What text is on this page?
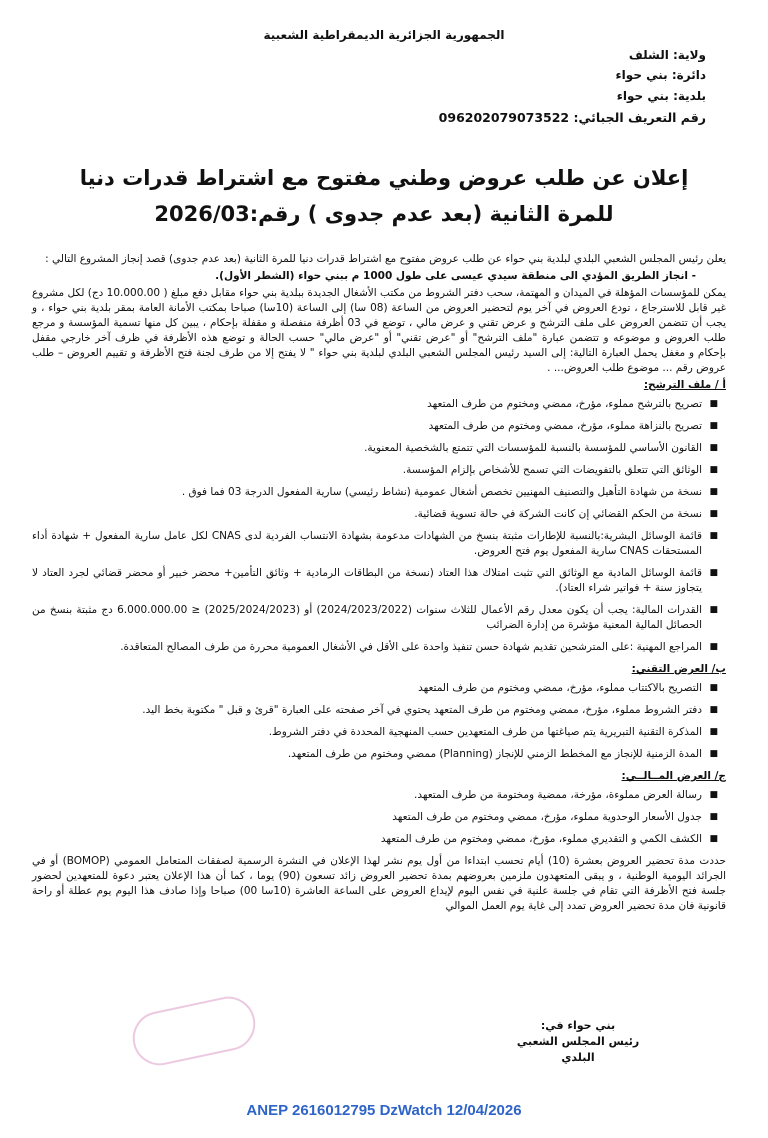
الجمهورية الجزائرية الديمقراطية الشعبية
ولاية: الشلف
دائرة: بني حواء
بلدية: بني حواء
رقم التعريف الجبائي: 096202079073522
إعلان عن طلب عروض وطني مفتوح مع اشتراط قدرات دنيا
للمرة الثانية (بعد عدم جدوى ) رقم:2026/03

يعلن رئيس المجلس الشعبي البلدي لبلدية بني حواء عن طلب عروض مفتوح مع اشتراط قدرات دنيا للمرة الثانية (بعد عدم جدوى) قصد إنجاز المشروع التالي :

- انجاز الطريق المؤدي الى منطقة سيدي عيسى على طول 1000 م ببني حواء (الشطر الأول).

يمكن للمؤسسات المؤهلة في الميدان و المهتمة، سحب دفتر الشروط من مكتب الأشغال الجديدة ببلدية بني حواء مقابل دفع مبلغ ( 10.000.00 دج) لكل مشروع غير قابل للاسترجاع ، تودع العروض في آخر يوم لتحضير العروض من الساعة (08 سا) إلى الساعة (10سا) صباحا بمكتب الأمانة العامة بمقر بلدية بني حواء ، و يجب أن تتضمن العروض على ملف الترشح و عرض تقني و عرض مالي ، توضع في 03 أظرفة منفصلة و مقفلة بإحكام ، يبين كل منها تسمية المؤسسة و مرجع طلب العروض و موضوعه و تتضمن عبارة "ملف الترشح" أو "عرض تقني" أو "عرض مالي" حسب الحالة و توضع هذه الأظرفة في ظرف آخر خارجي مقفل بإحكام و مغفل يحمل العبارة التالية: إلى السيد رئيس المجلس الشعبي البلدي لبلدية بني حواء " لا يفتح إلا من طرف لجنة فتح الأظرفة و تقييم العروض – طلب عروض رقم ... موضوع طلب العروض... .

أ / ملف الترشح:
■
تصريح بالترشح مملوء، مؤرخ، ممضي ومختوم من طرف المتعهد
■
تصريح بالنزاهة مملوء، مؤرخ، ممضي ومختوم من طرف المتعهد
■
القانون الأساسي للمؤسسة بالنسبة للمؤسسات التي تتمتع بالشخصية المعنوية.
■
الوثائق التي تتعلق بالتفويضات التي تسمح للأشخاص بإلزام المؤسسة.
■
نسخة من شهادة التأهيل والتصنيف المهنيين تخصص أشغال عمومية (نشاط رئيسي) سارية المفعول الدرجة 03 فما فوق .
■
نسخة من الحكم القضائي إن كانت الشركة في حالة تسوية قضائية.
■
قائمة الوسائل البشرية:بالنسبة للإطارات مثبتة بنسخ من الشهادات مدعومة بشهادة الانتساب الفردية لدى CNAS لكل عامل سارية المفعول + شهادة أداء المستحقات CNAS سارية المفعول يوم فتح العروض.
■
قائمة الوسائل المادية مع الوثائق التي تثبت امتلاك هذا العتاد (نسخة من البطاقات الرمادية + وثائق التأمين+ محضر خبير أو محضر قضائي لجرد العتاد لا يتجاوز سنة + فواتير شراء العتاد).
■
القدرات المالية: يجب أن يكون معدل رقم الأعمال للثلاث سنوات (2024/2023/2022) أو (2025/2024/2023) ≤ 6.000.000.00 دج مثبتة بنسخ من الحصائل المالية المعنية مؤشرة من إدارة الضرائب
■
المراجع المهنية :على المترشحين تقديم شهادة حسن تنفيذ واحدة على الأقل في الأشغال العمومية محررة من طرف المصالح المتعاقدة.
ب/ العرض التقني:
■
التصريح بالاكتتاب مملوء، مؤرخ، ممضي ومختوم من طرف المتعهد
■
دفتر الشروط مملوء، مؤرخ، ممضي ومختوم من طرف المتعهد يحتوي في آخر صفحته على العبارة "قرئ و قبل " مكتوبة بخط اليد.
■
المذكرة التقنية التبريرية يتم صياغتها من طرف المتعهدين حسب المنهجية المحددة في دفتر الشروط.
■
المدة الزمنية للإنجاز مع المخطط الزمني للإنجاز (Planning) ممضي ومختوم من طرف المتعهد.
ج/ العرض المــالــي:
■
رسالة العرض مملوءة، مؤرخة، ممضية ومختومة من طرف المتعهد.
■
جدول الأسعار الوحدوية مملوء، مؤرخ، ممضي ومختوم من طرف المتعهد
■
الكشف الكمي و التقديري مملوء، مؤرخ، ممضي ومختوم من طرف المتعهد

حددت مدة تحضير العروض بعشرة (10) أيام تحسب ابتداءا من أول يوم نشر لهذا الإعلان في النشرة الرسمية لصفقات المتعامل العمومي (BOMOP) أو في الجرائد اليومية الوطنية ، و يبقى المتعهدون ملزمين بعروضهم بمدة تحضير العروض زائد تسعون (90) يوما ، كما أن هذا الإعلان يعتبر دعوة للمتعهدين لحضور جلسة فتح الأظرفة التي تقام في جلسة علنية في نفس اليوم لإيداع العروض على الساعة العاشرة (10سا 00) صباحا وإذا صادف هذا اليوم يوم عطلة أو راحة قانونية فان مدة تحضير العروض تمدد إلى غاية يوم العمل الموالي

بني حواء في:
رئيس المجلس الشعبي البلدي
ANEP 2616012795 DzWatch 12/04/2026
